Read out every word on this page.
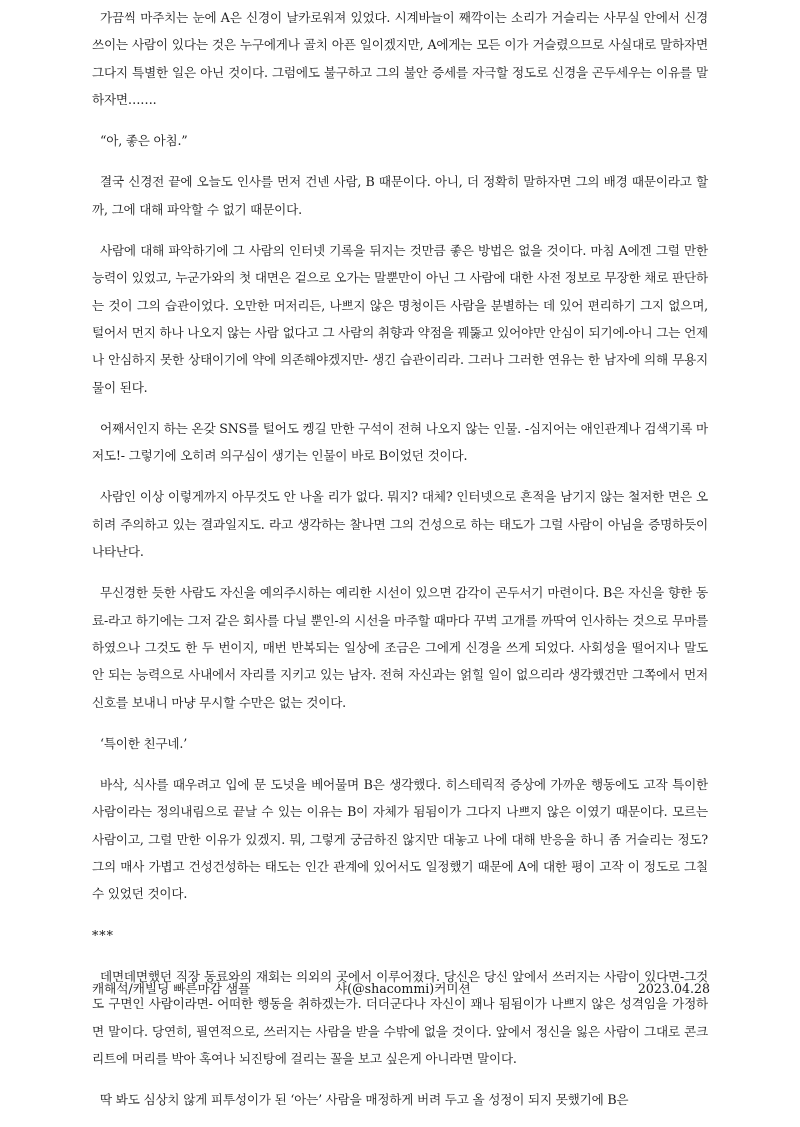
가끔씩 마주치는 눈에 A은 신경이 날카로워져 있었다. 시계바늘이 째깍이는 소리가 거슬리는 사무실 안에서 신경 쓰이는 사람이 있다는 것은 누구에게나 골치 아픈 일이겠지만, A에게는 모든 이가 거슬렸으므로 사실대로 말하자면 그다지 특별한 일은 아닌 것이다. 그럼에도 불구하고 그의 불안 증세를 자극할 정도로 신경을 곤두세우는 이유를 말하자면…….

“아, 좋은 아침.”

결국 신경전 끝에 오늘도 인사를 먼저 건넨 사람, B 때문이다. 아니, 더 정확히 말하자면 그의 배경 때문이라고 할까, 그에 대해 파악할 수 없기 때문이다.

사람에 대해 파악하기에 그 사람의 인터넷 기록을 뒤지는 것만큼 좋은 방법은 없을 것이다. 마침 A에겐 그럴 만한 능력이 있었고, 누군가와의 첫 대면은 겉으로 오가는 말뿐만이 아닌 그 사람에 대한 사전 정보로 무장한 채로 판단하는 것이 그의 습관이었다. 오만한 머저리든, 나쁘지 않은 명청이든 사람을 분별하는 데 있어 편리하기 그지 없으며, 털어서 먼지 하나 나오지 않는 사람 없다고 그 사람의 취향과 약점을 꿰뚫고 있어야만 안심이 되기에-아니 그는 언제나 안심하지 못한 상태이기에 약에 의존해야겠지만- 생긴 습관이리라. 그러나 그러한 연유는 한 남자에 의해 무용지물이 된다.

어째서인지 하는 온갖 SNS를 털어도 켕길 만한 구석이 전혀 나오지 않는 인물. -심지어는 애인관계나 검색기록 마저도!- 그렇기에 오히려 의구심이 생기는 인물이 바로 B이었던 것이다.

사람인 이상 이렇게까지 아무것도 안 나올 리가 없다. 뭐지? 대체? 인터넷으로 흔적을 남기지 않는 철저한 면은 오히려 주의하고 있는 결과일지도. 라고 생각하는 찰나면 그의 건성으로 하는 태도가 그럴 사람이 아님을 증명하듯이 나타난다.

무신경한 듯한 사람도 자신을 예의주시하는 예리한 시선이 있으면 감각이 곤두서기 마련이다. B은 자신을 향한 동료-라고 하기에는 그저 같은 회사를 다닐 뿐인-의 시선을 마주할 때마다 꾸벅 고개를 까딱여 인사하는 것으로 무마를 하였으나 그것도 한 두 번이지, 매번 반복되는 일상에 조금은 그에게 신경을 쓰게 되었다. 사회성을 떨어지나 말도 안 되는 능력으로 사내에서 자리를 지키고 있는 남자. 전혀 자신과는 얽힐 일이 없으리라 생각했건만 그쪽에서 먼저 신호를 보내니 마냥 무시할 수만은 없는 것이다.

‘특이한 친구네.’

바삭, 식사를 때우려고 입에 문 도넛을 베어물며 B은 생각했다. 히스테릭적 증상에 가까운 행동에도 고작 특이한 사람이라는 정의내림으로 끝날 수 있는 이유는 B이 자체가 됨됨이가 그다지 나쁘지 않은 이였기 때문이다. 모르는 사람이고, 그럴 만한 이유가 있겠지. 뭐, 그렇게 궁금하진 않지만 대놓고 나에 대해 반응을 하니 좀 거슬리는 정도? 그의 매사 가볍고 건성건성하는 태도는 인간 관계에 있어서도 일정했기 때문에 A에 대한 평이 고작 이 정도로 그칠 수 있었던 것이다.

***

데면데면했던 직장 동료와의 재회는 의외의 곳에서 이루어졌다. 당신은 당신 앞에서 쓰러지는 사람이 있다면-그것도 구면인 사람이라면- 어떠한 행동을 취하겠는가. 더더군다나 자신이 꽤나 됨됨이가 나쁘지 않은 성격임을 가정하면 말이다. 당연히, 필연적으로, 쓰러지는 사람을 받을 수밖에 없을 것이다. 앞에서 정신을 잃은 사람이 그대로 콘크리트에 머리를 박아 혹여나 뇌진탕에 걸리는 꼴을 보고 싶은게 아니라면 말이다.

딱 봐도 심상치 않게 피투성이가 된 ‘아는’ 사람을 매정하게 버려 두고 올 성정이 되지 못했기에 B은

캐해석/캐빌딩 빠른마감 샘플	샤(@shacommi)커미션	2023.04.28
